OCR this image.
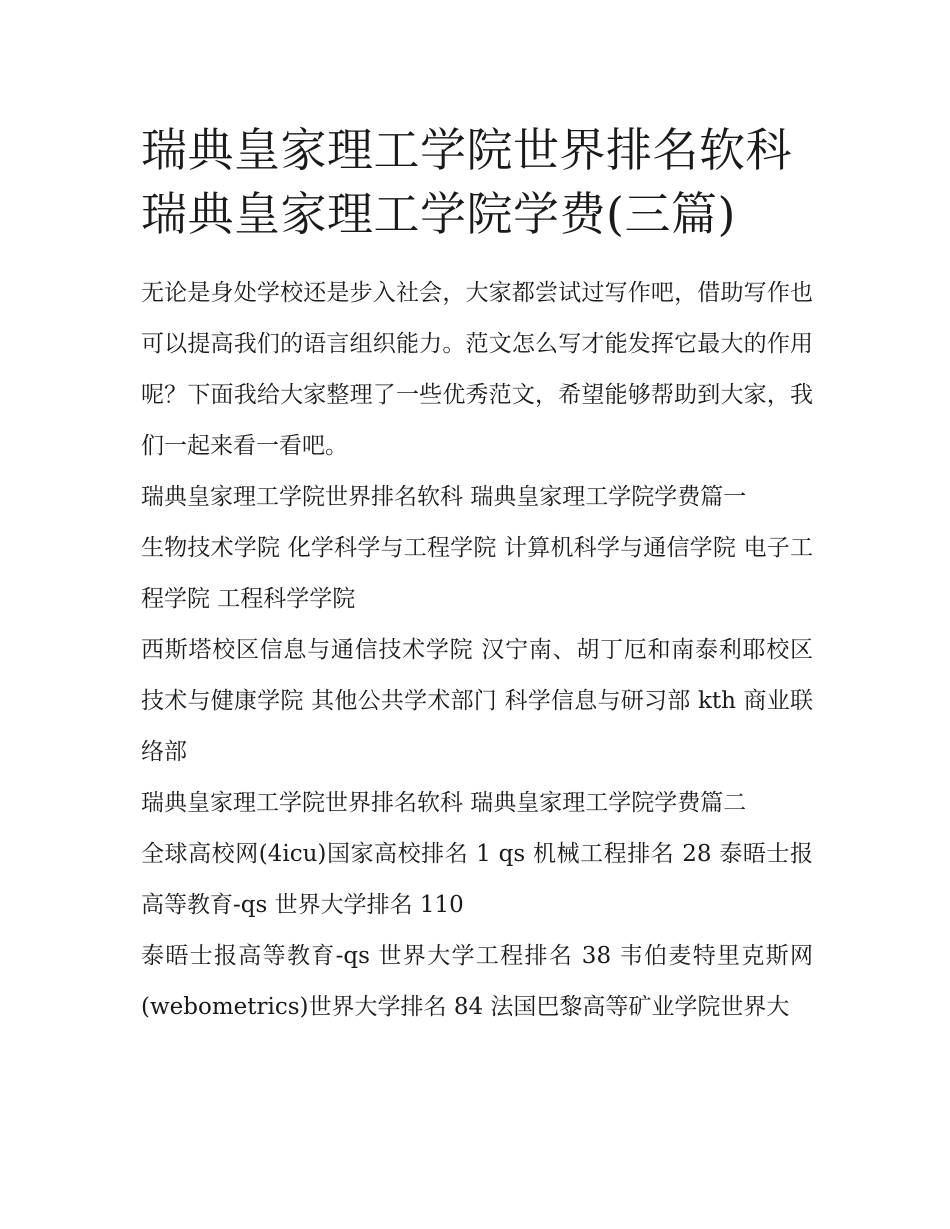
瑞典皇家理工学院世界排名软科 瑞典皇家理工学院学费(三篇)

无论是身处学校还是步入社会，大家都尝试过写作吧，借助写作也可以提高我们的语言组织能力。范文怎么写才能发挥它最大的作用呢？下面我给大家整理了一些优秀范文，希望能够帮助到大家，我们一起来看一看吧。

瑞典皇家理工学院世界排名软科 瑞典皇家理工学院学费篇一

生物技术学院 化学科学与工程学院 计算机科学与通信学院 电子工程学院 工程科学学院

西斯塔校区信息与通信技术学院 汉宁南、胡丁厄和南泰利耶校区 技术与健康学院 其他公共学术部门 科学信息与研习部 kth 商业联络部

瑞典皇家理工学院世界排名软科 瑞典皇家理工学院学费篇二

全球高校网(4icu)国家高校排名 1 qs 机械工程排名 28 泰晤士报高等教育-qs 世界大学排名 110

泰晤士报高等教育-qs 世界大学工程排名 38 韦伯麦特里克斯网(webometrics)世界大学排名 84 法国巴黎高等矿业学院世界大
